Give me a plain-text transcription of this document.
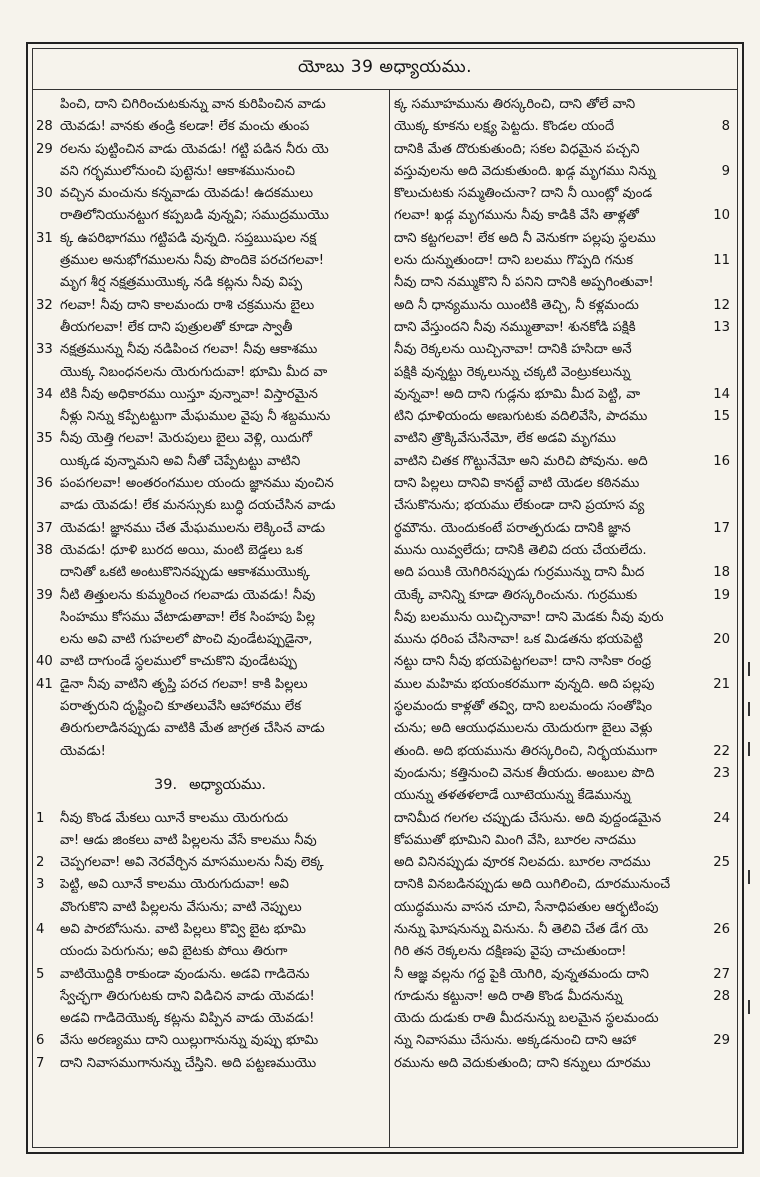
యోబు 39 అధ్యాయము.
పించి, దాని చిగిరించుటకున్ను వాన కురిపించిన వాడు
28 యెవడు! వానకు తండ్రి కలడా! లేక మంచు తుంప
29 రలను పుట్టించిన వాడు యెవడు! గట్టి పడిన నీరు యె
వని గర్భములోనుంచి పుట్టెను! ఆకాశమునుంచి
30 వచ్చిన మంచును కన్నవాడు యెవడు! ఉదకములు
రాతిలోనియునట్టుగ కప్పబడి వున్నవి; సముద్రముయొ
31 క్క ఉపరిభాగము గట్టిపడి వున్నది. సప్తఋషుల నక్ష
త్రముల అనుభోగములను నీవు పొందికె పరచగలవా!
మృగ శీర్ష నక్షత్రముయొక్క నడి కట్లను నీవు విప్ప
32 గలవా! నీవు దాని కాలమందు రాశి చక్రమును బైలు
తీయగలవా! లేక దాని పుత్రులతో కూడా స్వాతీ
33 నక్షత్రమున్ను నీవు నడిపించ గలవా! నీవు ఆకాశము
యొక్క నిబంధనలను యెరుగుదువా! భూమి మీద వా
34 టికి నీవు అధికారము యిస్తూ వున్నావా! విస్తారమైన
నీళ్లు నిన్ను కప్పేటట్టుగా మేఘముల వైపు నీ శబ్దమును
35 నీవు యెత్తి గలవా! మెరుపులు బైలు వెళ్లి, యిదుగో
యిక్కడ వున్నామని అవి నీతో చెప్పేటట్టు వాటిని
36 పంపగలవా! అంతరంగముల యందు జ్ఞానము వుంచిన
వాడు యెవడు! లేక మనస్సుకు బుద్ధి దయచేసిన వాడు
37 యెవడు! జ్ఞానము చేత మేఘములను లెక్కించే వాడు
38 యెవడు! ధూళి బురద అయి, మంటి బెడ్డలు ఒక
దానితో ఒకటి అంటుకొనినప్పుడు ఆకాశముయొక్క
39 నీటి తిత్తులను కుమ్మరించ గలవాడు యెవడు! నీవు
సింహము కోసము వేటాడుతావా! లేక సింహపు పిల్ల
లను అవి వాటి గుహలలో పొంచి వుండేటప్పుడైనా,
40 వాటి దాగుండే స్థలములో కాచుకొని వుండేటప్పు
41 డైనా నీవు వాటిని తృప్తి పరచ గలవా! కాకి పిల్లలు
పరాత్పరుని దృష్టించి కూతలువేసి ఆహారము లేక
తిరుగులాడినప్పుడు వాటికి మేత జాగ్రత చేసిన వాడు
యెవడు!
39. అధ్యాయము.
1	నీవు కొండ మేకలు యీనే కాలము యెరుగుదు
వా! ఆడు జింకలు వాటి పిల్లలను వేసే కాలము నీవు
2	చెప్పగలవా! అవి నెరవేర్చిన మాసములను నీవు లెక్క
3	పెట్టి, అవి యీనే కాలము యెరుగుదువా! అవి
వొంగుకొని వాటి పిల్లలను వేసును; వాటి నెప్పులు
4	అవి పారబోసును. వాటి పిల్లలు కొవ్వి బైట భూమి
యందు పెరుగును; అవి బైటకు పోయి తిరుగా
5	వాటియొద్దికి రాకుండా వుండును. అడవి గాడిదెను
స్వేచ్ఛగా తిరుగుటకు దాని విడిచిన వాడు యెవడు!
అడవి గాడిదెయొక్క కట్లను విప్పిన వాడు యెవడు!
6	వేసు అరణ్యము దాని యిల్లుగానున్ను వుప్పు భూమి
7	దాని నివాసముగానున్ను చేస్తిని. అది పట్టణముయొ
క్క సమూహమును తిరస్కరించి, దాని తోలే వాని
యొక్క కూకను లక్ష్య పెట్టదు. కొండల యందే	8
దానికి మేత దొరుకుతుంది; సకల విధమైన పచ్చని
వస్తువులను అది వెదుకుతుంది. ఖడ్గ మృగము నిన్ను	9
కొలుచుటకు సమ్మతించునా? దాని నీ యింట్లో వుండ
గలవా! ఖడ్గ మృగమును నీవు కాడికి వేసి తాళ్లతో	10
దాని కట్టగలవా! లేక అది నీ వెనుకగా పల్లపు స్థలము
లను దున్నుతుందా! దాని బలము గొప్పది గనుక	11
నీవు దాని నమ్ముకొని నీ పనిని దానికి అప్పగింతువా!
అది నీ ధాన్యమును యింటికి తెచ్చి, నీ కళ్లమందు	12
దాని వేస్తుందని నీవు నమ్ముతావా! శునకోడి పక్షికి	13
నీవు రెక్కలను యిచ్చినావా! దానికి హసిదా అనే
పక్షికి వున్నట్టు రెక్కలున్ను చక్కటి వెంట్రుకలున్ను
వున్నవా! అది దాని గుడ్లను భూమి మీద పెట్టి, వా	14
టిని ధూళియందు అణుగుటకు వదిలివేసి, పాదము	15
వాటిని త్రొక్కివేసునేమో, లేక అడవి మృగము
వాటిని చితక గొట్టునేమో అని మరిచి పోవును. అది	16
దాని పిల్లలు దానివి కానట్టే వాటి యెడల కఠినము
చేసుకొనును; భయము లేకుండా దాని ప్రయాస వ్య
ర్థమౌను. యెందుకంటే పరాత్పరుడు దానికి జ్ఞాన	17
మును యివ్వలేదు; దానికి తెలివి దయ చేయలేదు.
అది పయికి యెగిరినప్పుడు గుర్రమున్ను దాని మీద	18
యెక్కే వానిన్ని కూడా తిరస్కరించును. గుర్రముకు	19
నీవు బలమును యిచ్చినావా! దాని మెడకు నీవు వురు
మును ధరింప చేసినావా! ఒక మిడతను భయపెట్టి	20
నట్టు దాని నీవు భయపెట్టగలవా! దాని నాసికా రంధ్ర
ముల మహిమ భయంకరముగా వున్నది. అది పల్లపు	21
స్థలమందు కాళ్లతో తవ్వి, దాని బలమందు సంతోషిం
చును; అది ఆయుధములను యెదురుగా బైలు వెళ్లు
తుంది. అది భయమును తిరస్కరించి, నిర్భయముగా	22
వుండును; కత్తినుంచి వెనుక తీయదు. అంబుల పొది	23
యున్ను తళతళలాడే యీటెయున్ను కేడెమున్ను
దానిమీద గలగల చప్పుడు చేసును. అది వుద్దండమైన	24
కోపముతో భూమిని మింగి వేసి, బూరల నాదము
అది వినినప్పుడు వూరక నిలవదు. బూరల నాదము	25
దానికి వినబడినప్పుడు అది యిగిలించి, దూరమునుంచే
యుద్ధమును వాసన చూచి, సేనాధిపతుల ఆర్భటింపు
నున్ను ఘోషనున్ను వినును. నీ తెలివి చేత డేగ యె	26
గిరి తన రెక్కలను దక్షిణపు వైపు చాచుతుందా!
నీ ఆజ్ఞ వల్లను గద్ద పైకి యెగిరి, వున్నతమందు దాని	27
గూడును కట్టునా! అది రాతి కొండ మీదనున్ను	28
యెదు దుడుకు రాతి మీదనున్ను బలమైన స్థలమందు
న్ను నివాసము చేసును. అక్కడనుంచి దాని ఆహా	29
రమును అది వెదుకుతుంది; దాని కన్నులు దూరము
